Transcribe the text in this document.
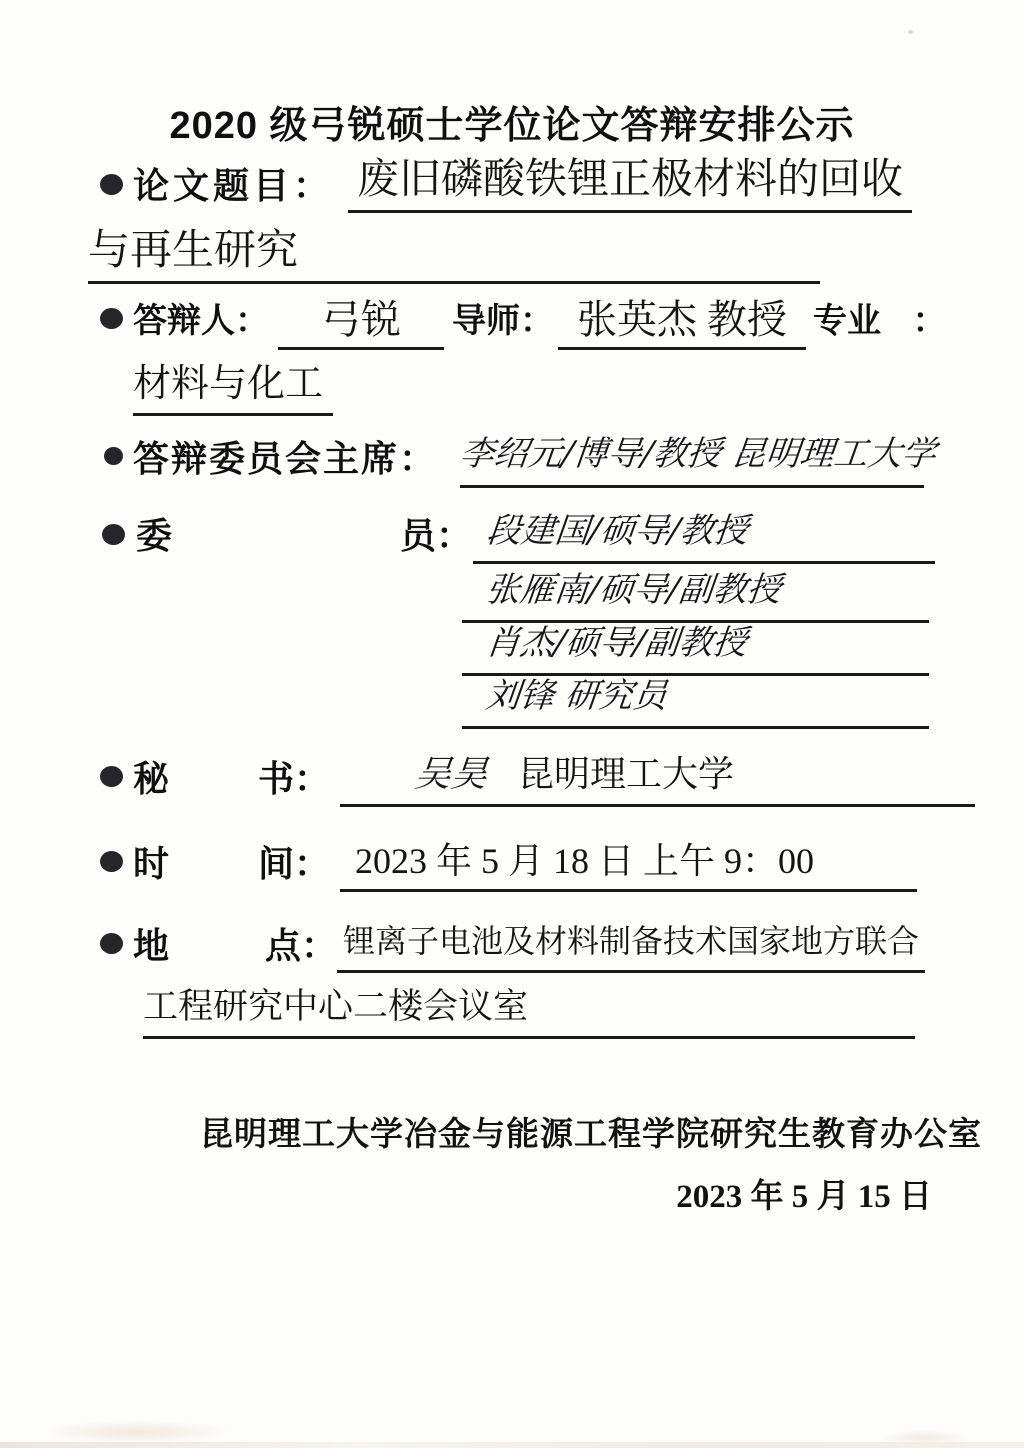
2020 级弓锐硕士学位论文答辩安排公示
论文题目： 废旧磷酸铁锂正极材料的回收
与再生研究
答辩人：	弓锐	导师： 张英杰 教授 专业 ：
材料与化工
答辩委员会主席： 李绍元/博导/教授 昆明理工大学
委	员： 段建国/硕导/教授
张雁南/硕导/副教授
肖杰/硕导/副教授
刘锋 研究员
秘 书：	吴昊 昆明理工大学
时 间： 2023 年 5 月 18 日 上午 9：00
地	点： 锂离子电池及材料制备技术国家地方联合
工程研究中心二楼会议室
昆明理工大学冶金与能源工程学院研究生教育办公室
2023 年 5 月 15 日
